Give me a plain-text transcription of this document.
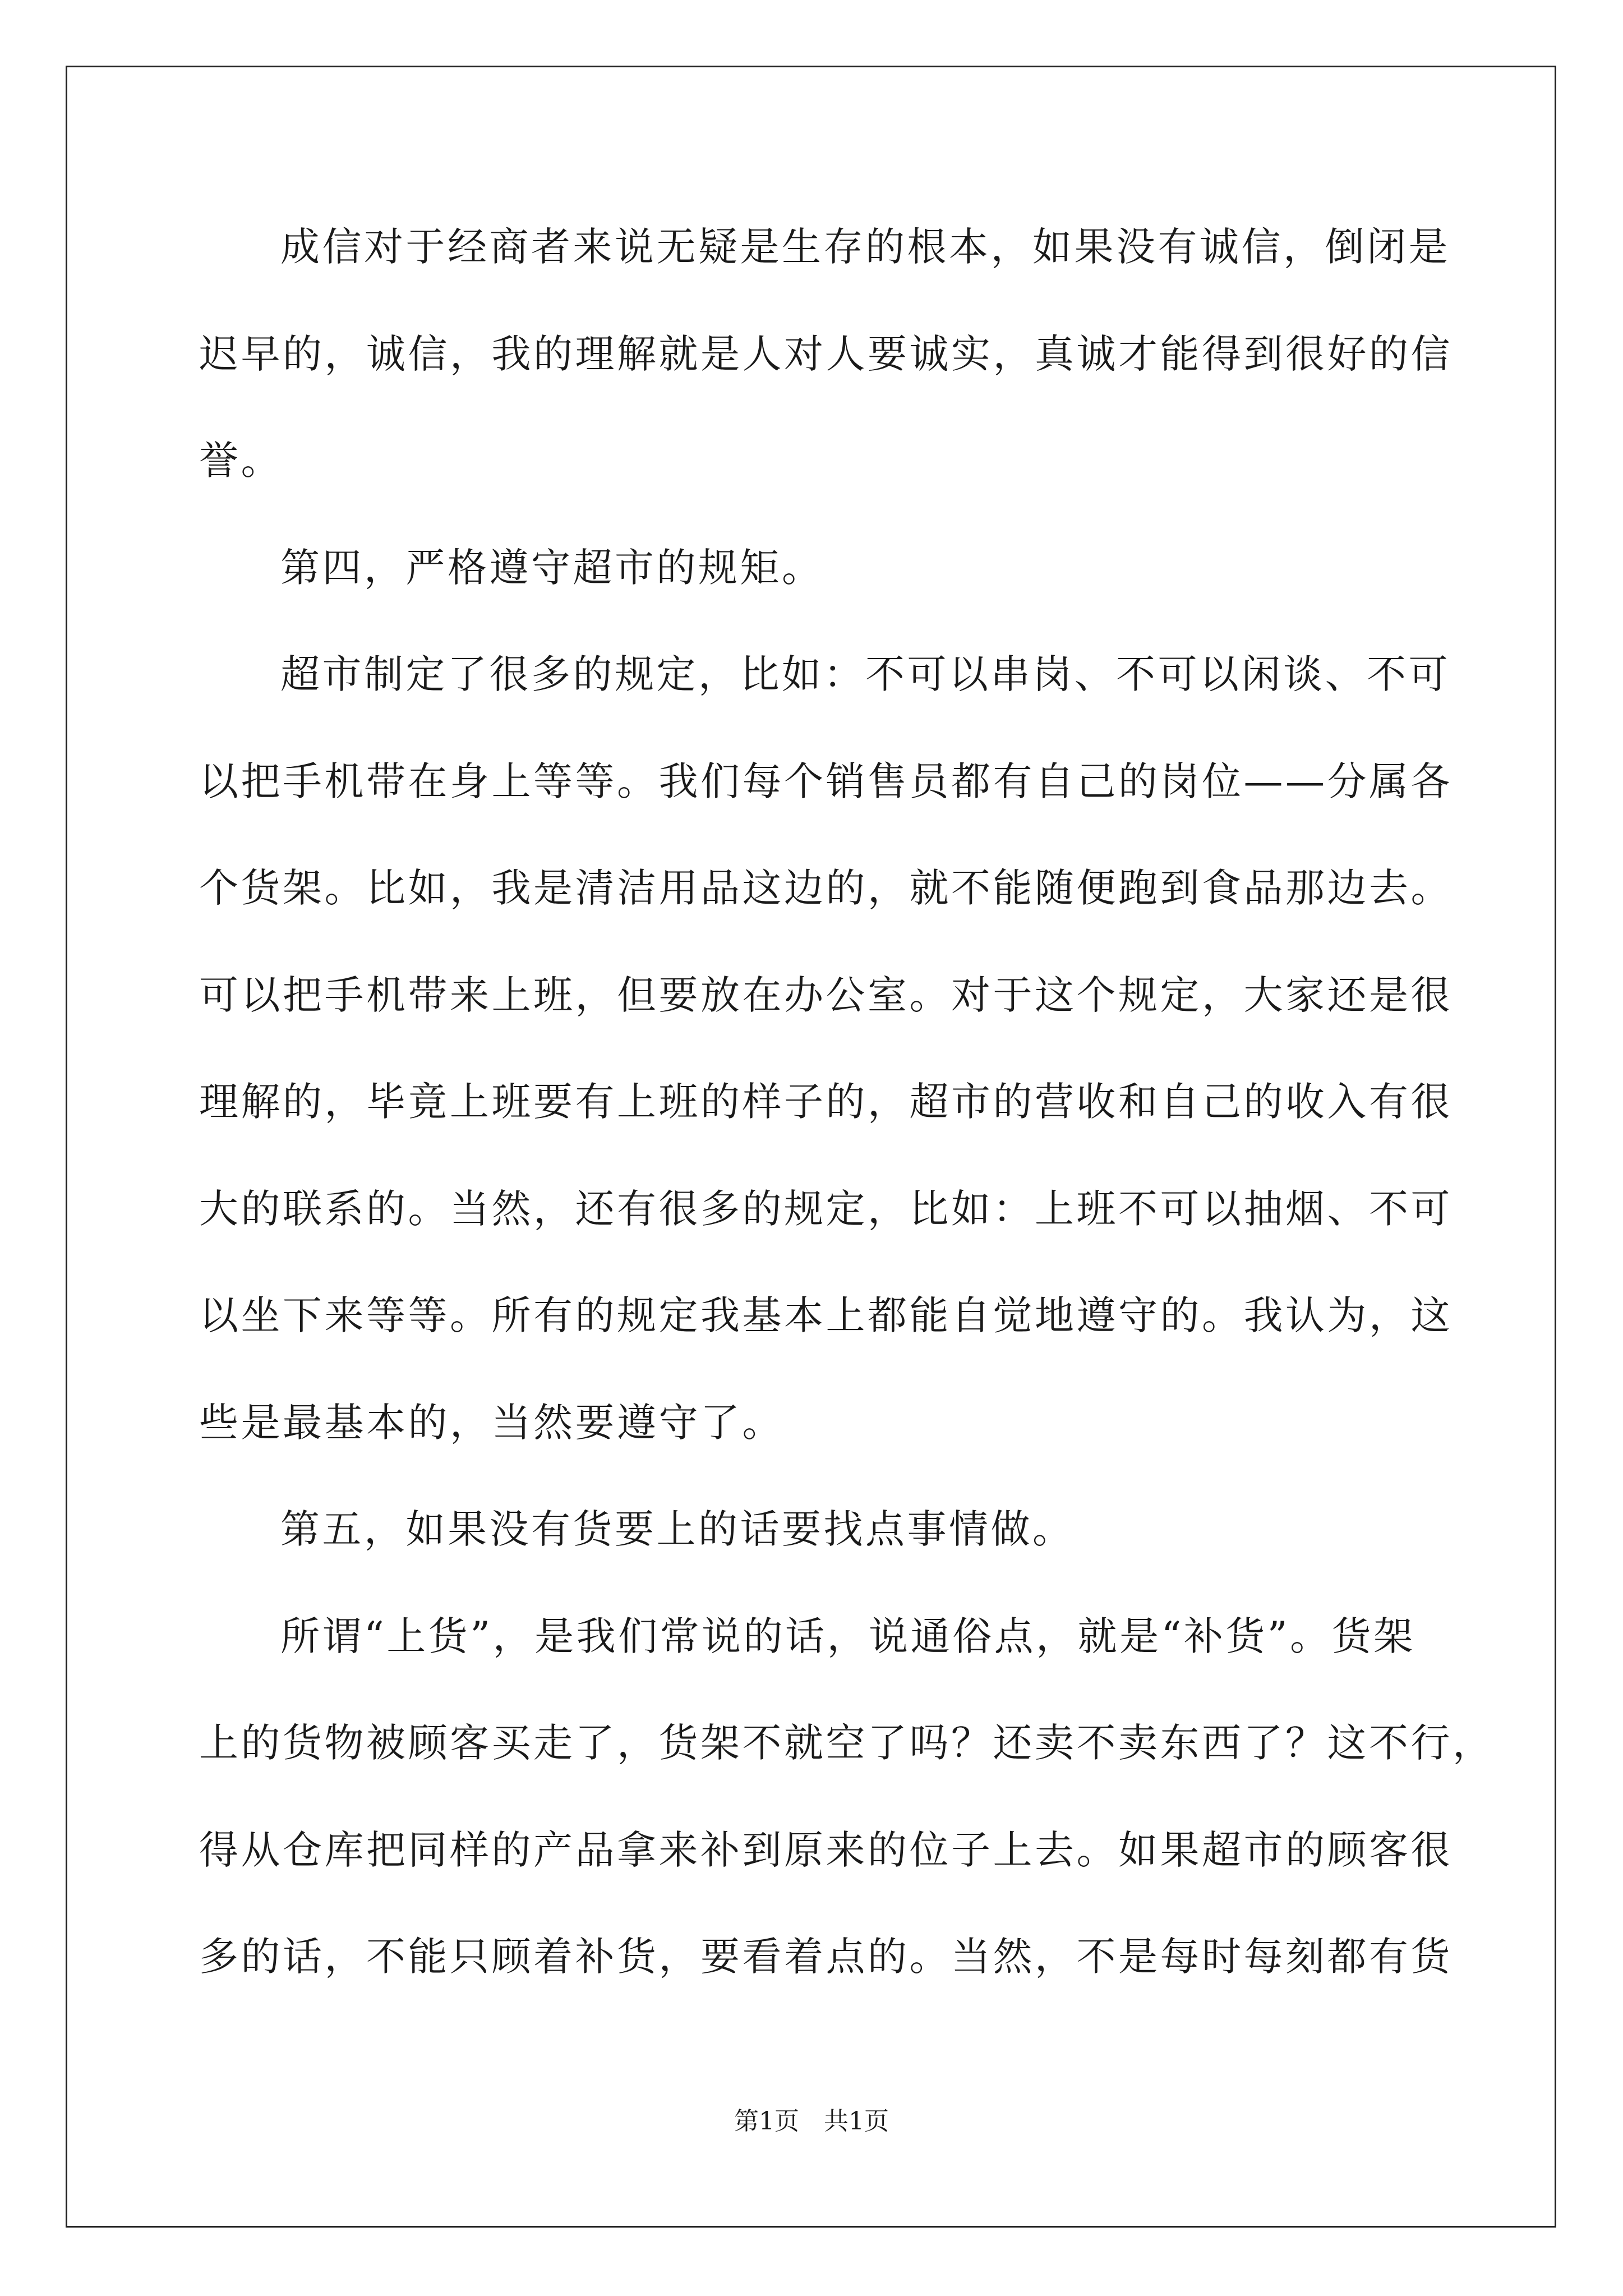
成信对于经商者来说无疑是生存的根本，如果没有诚信，倒闭是
迟早的，诚信，我的理解就是人对人要诚实，真诚才能得到很好的信
誉。
第四，严格遵守超市的规矩。
超市制定了很多的规定，比如：不可以串岗、不可以闲谈、不可
以把手机带在身上等等。我们每个销售员都有自己的岗位——分属各
个货架。比如，我是清洁用品这边的，就不能随便跑到食品那边去。
可以把手机带来上班，但要放在办公室。对于这个规定，大家还是很
理解的，毕竟上班要有上班的样子的，超市的营收和自己的收入有很
大的联系的。当然，还有很多的规定，比如：上班不可以抽烟、不可
以坐下来等等。所有的规定我基本上都能自觉地遵守的。我认为，这
些是最基本的，当然要遵守了。
第五，如果没有货要上的话要找点事情做。
所谓“上货”，是我们常说的话，说通俗点，就是“补货”。货架
上的货物被顾客买走了，货架不就空了吗？还卖不卖东西了？这不行，
得从仓库把同样的产品拿来补到原来的位子上去。如果超市的顾客很
多的话，不能只顾着补货，要看着点的。当然，不是每时每刻都有货
第1页　共1页
